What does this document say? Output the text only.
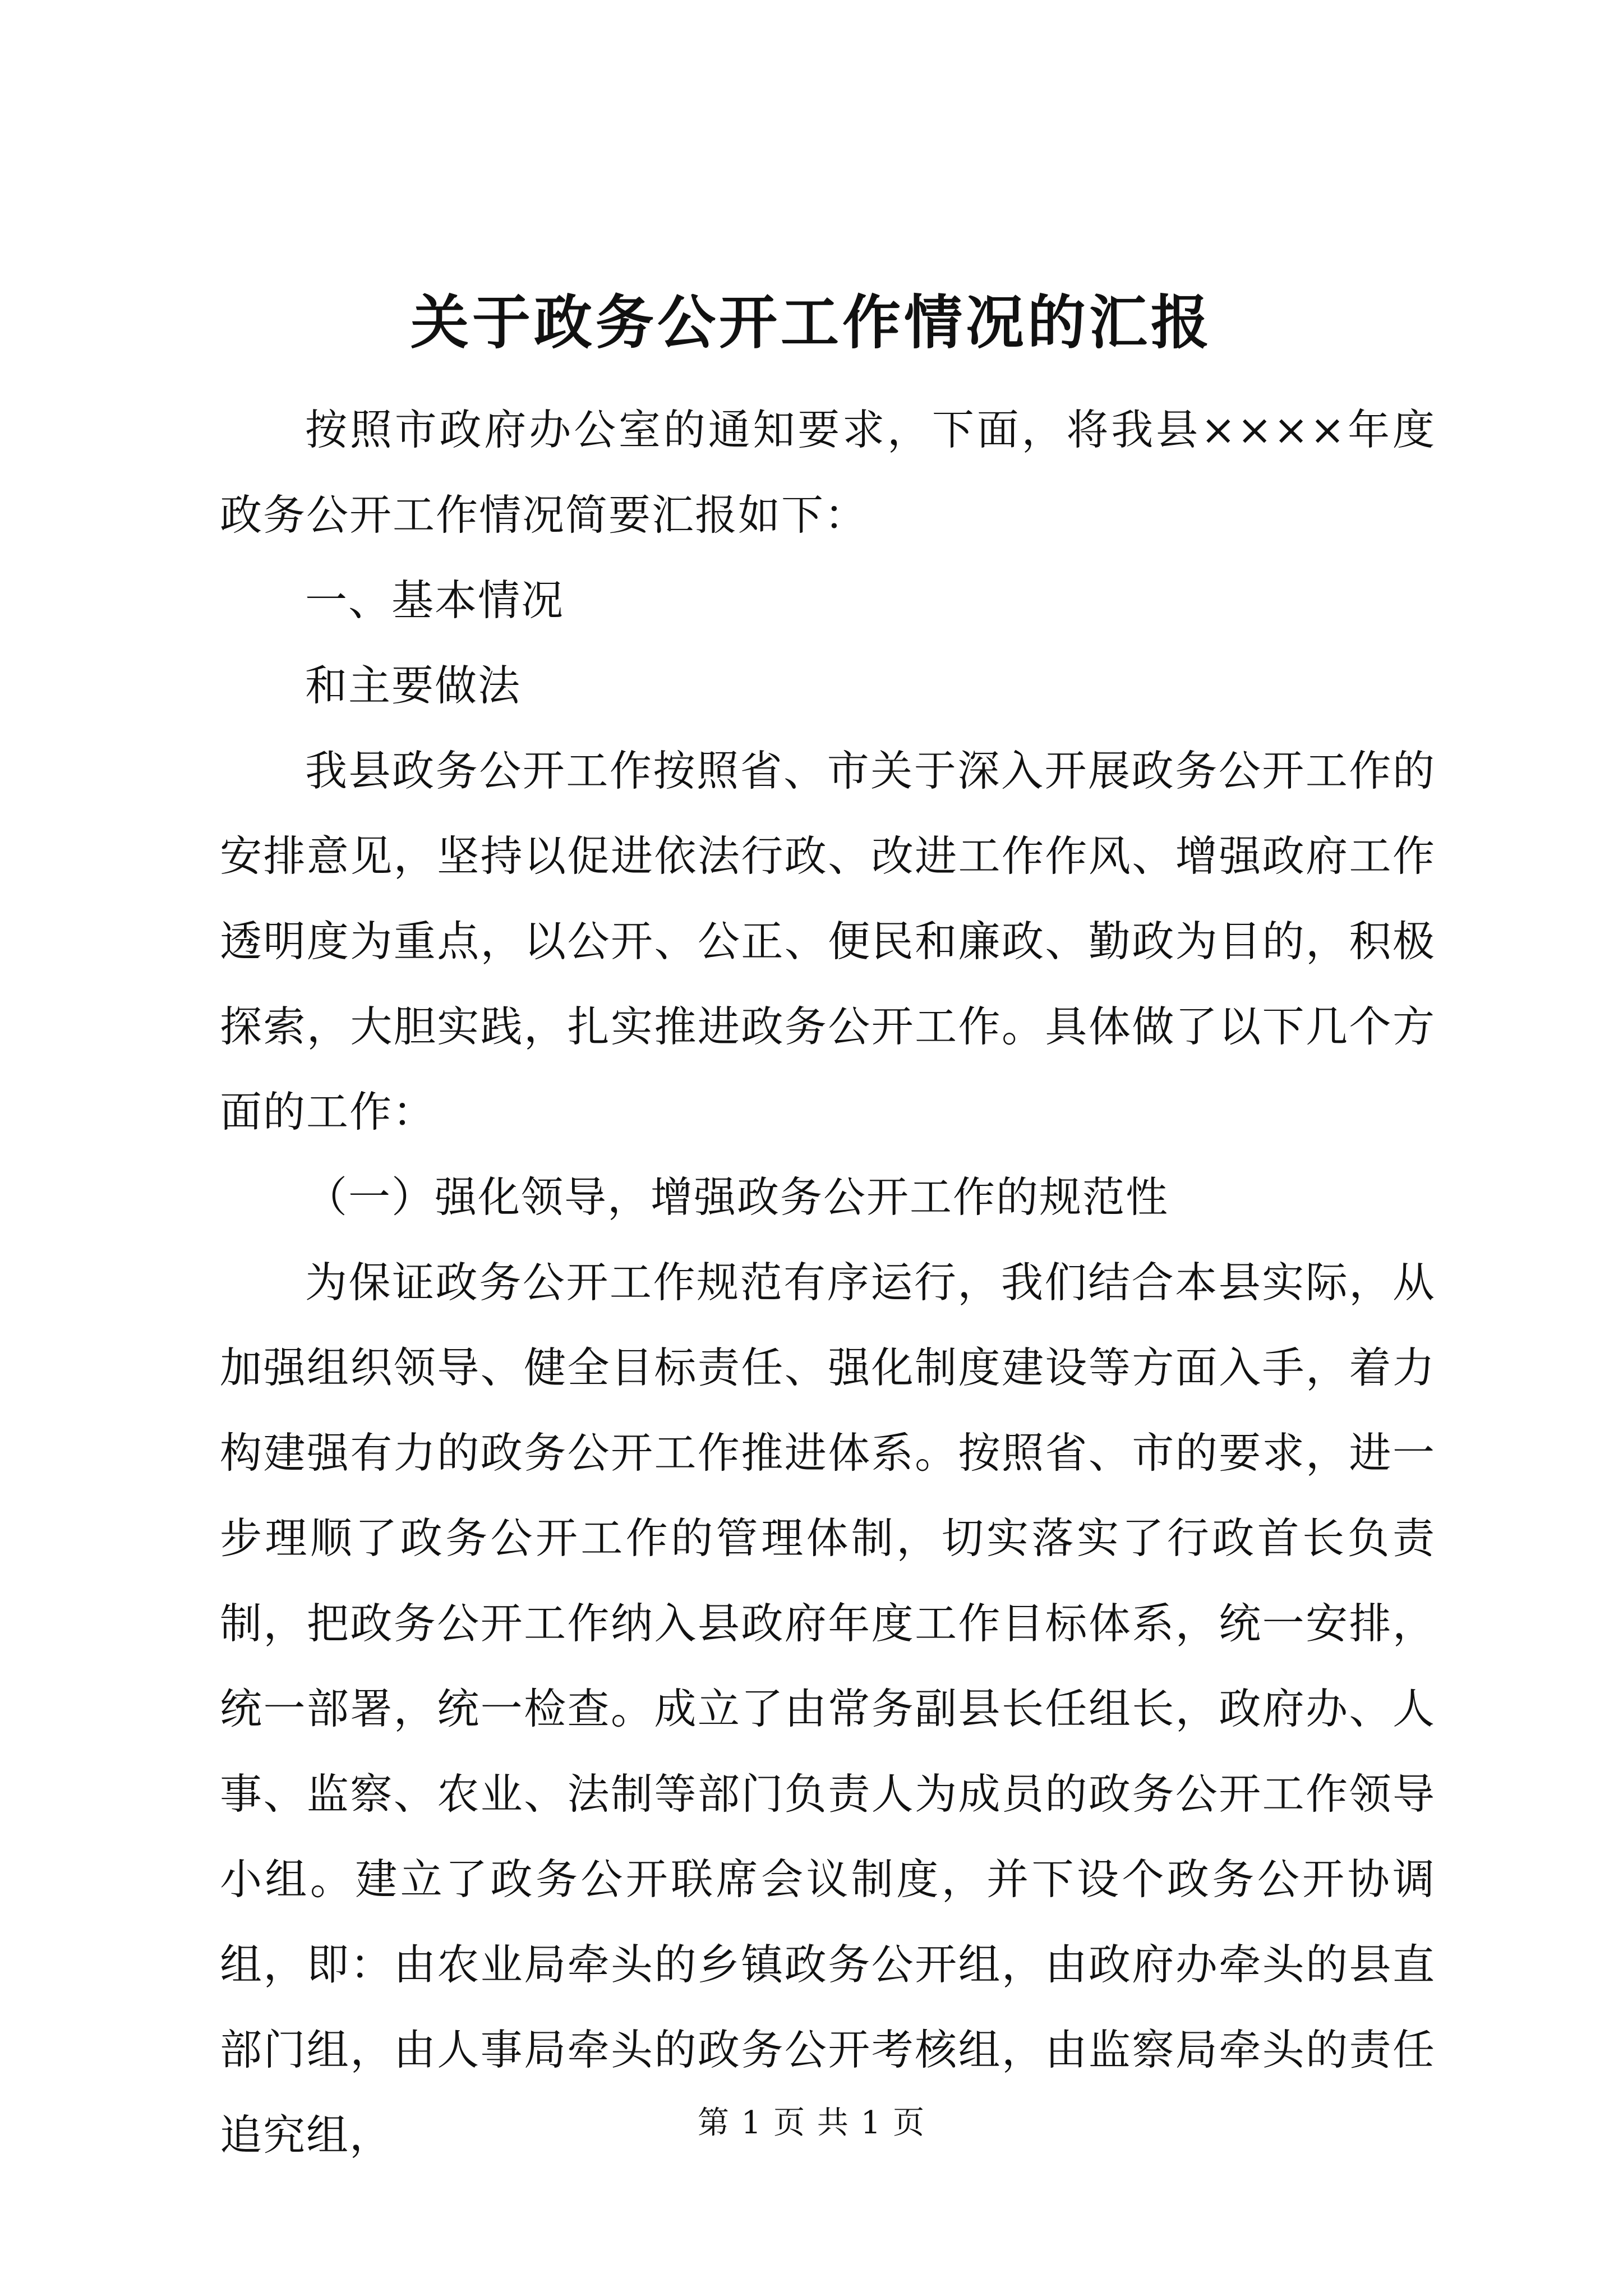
关于政务公开工作情况的汇报

按照市政府办公室的通知要求，下面，将我县××××年度政务公开工作情况简要汇报如下：

一、基本情况

和主要做法

我县政务公开工作按照省、市关于深入开展政务公开工作的安排意见，坚持以促进依法行政、改进工作作风、增强政府工作透明度为重点，以公开、公正、便民和廉政、勤政为目的，积极探索，大胆实践，扎实推进政务公开工作。具体做了以下几个方面的工作：

（一）强化领导，增强政务公开工作的规范性

为保证政务公开工作规范有序运行，我们结合本县实际，从加强组织领导、健全目标责任、强化制度建设等方面入手，着力构建强有力的政务公开工作推进体系。按照省、市的要求，进一步理顺了政务公开工作的管理体制，切实落实了行政首长负责制，把政务公开工作纳入县政府年度工作目标体系，统一安排，统一部署，统一检查。成立了由常务副县长任组长，政府办、人事、监察、农业、法制等部门负责人为成员的政务公开工作领导小组。建立了政务公开联席会议制度，并下设个政务公开协调组，即：由农业局牵头的乡镇政务公开组，由政府办牵头的县直部门组，由人事局牵头的政务公开考核组，由监察局牵头的责任追究组，	第 1 页 共 1 页
